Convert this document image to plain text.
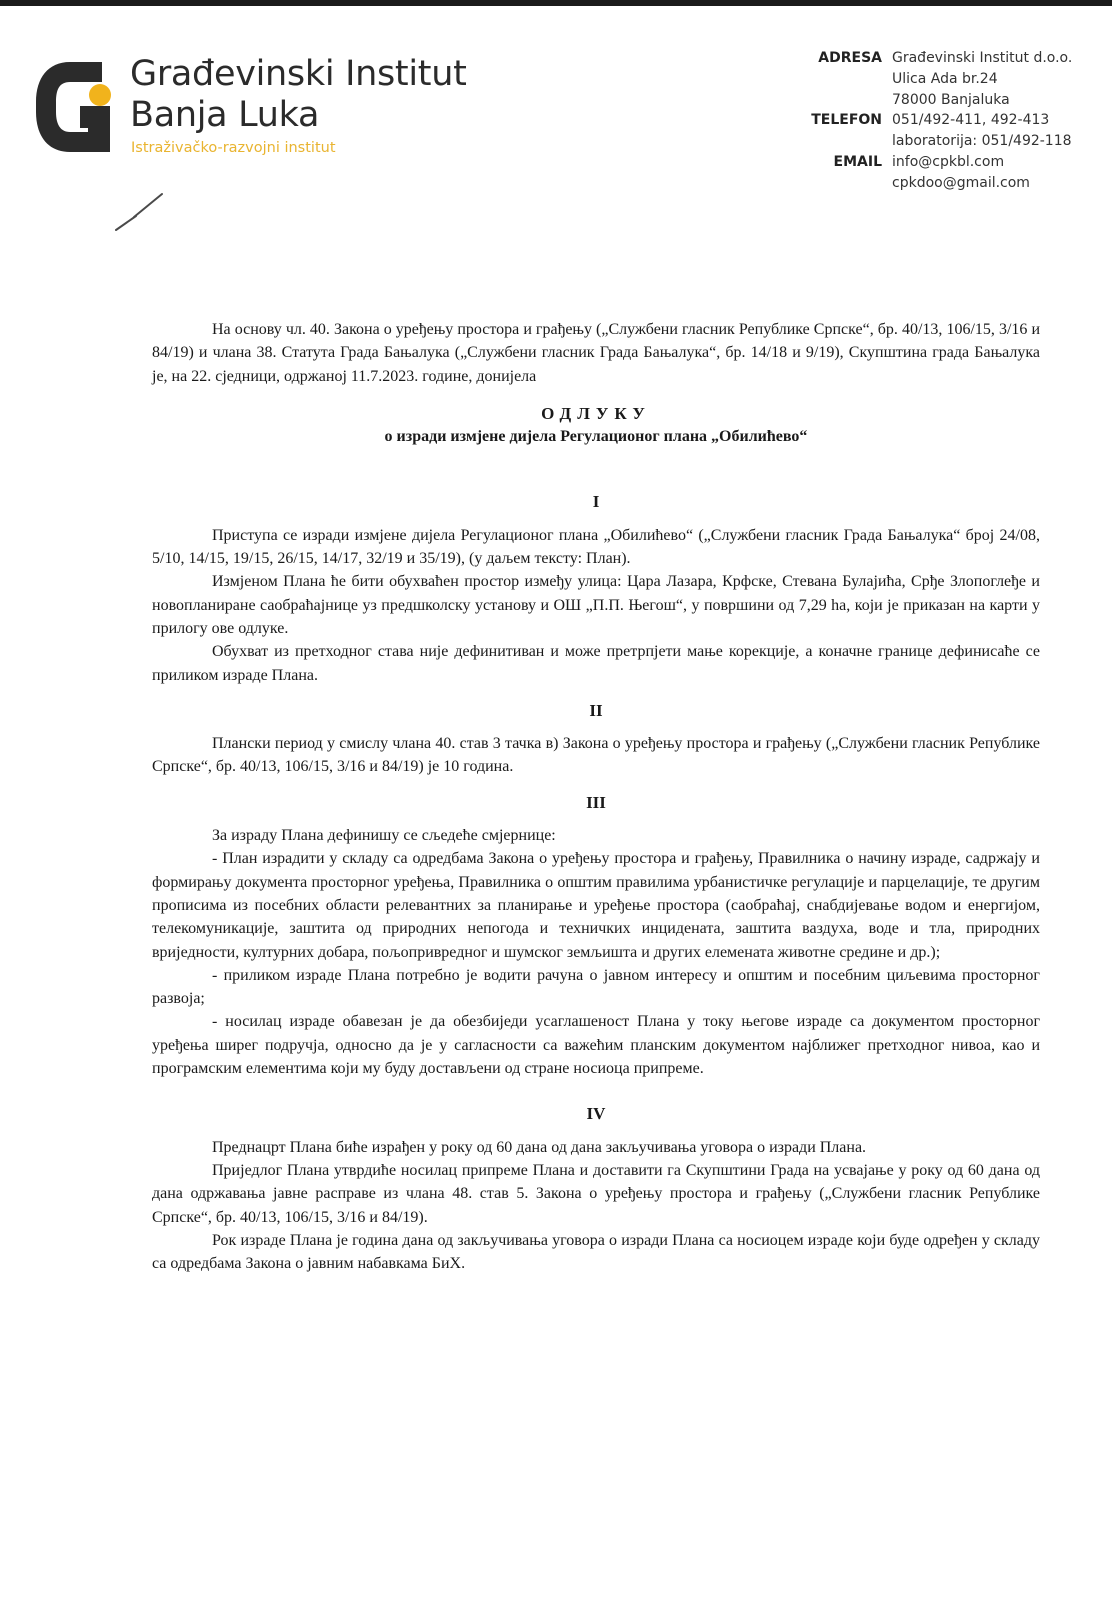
Građevinski Institut
Banja Luka
Istraživačko-razvojni institut
ADRESA Građevinski Institut d.o.o.
Ulica Ada br.24
78000 Banjaluka
TELEFON 051/492-411, 492-413
laboratorija: 051/492-118
EMAIL info@cpkbl.com
cpkdoo@gmail.com

На основу чл. 40. Закона о уређењу простора и грађењу („Службени гласник Републике Српске“, бр. 40/13, 106/15, 3/16 и 84/19) и члана 38. Статута Града Бањалука („Службени гласник Града Бањалука“, бр. 14/18 и 9/19), Скупштина града Бањалука је, на 22. сједници, одржаној 11.7.2023. године, донијела

ОДЛУКУ
о изради измјене дијела Регулационог плана „Обилићево“
I

Приступа се изради измјене дијела Регулационог плана „Обилићево“ („Службени гласник Града Бањалука“ број 24/08, 5/10, 14/15, 19/15, 26/15, 14/17, 32/19 и 35/19), (у даљем тексту: План).

Измјеном Плана ће бити обухваћен простор између улица: Цара Лазара, Крфске, Стевана Булајића, Срђе Злопоглеђе и новопланиране саобраћајнице уз предшколску установу и ОШ „П.П. Његош“, у површини од 7,29 hа, који је приказан на карти у прилогу ове одлуке.

Обухват из претходног става није дефинитиван и може претрпјети мање корекције, а коначне границе дефинисаће се приликом израде Плана.

II

Плански период у смислу члана 40. став 3 тачка в) Закона о уређењу простора и грађењу („Службени гласник Републике Српске“, бр. 40/13, 106/15, 3/16 и 84/19) је 10 година.

III

За израду Плана дефинишу се сљедеће смјернице:

- План израдити у складу са одредбама Закона о уређењу простора и грађењу, Правилника о начину израде, садржају и формирању документа просторног уређења, Правилника о општим правилима урбанистичке регулације и парцелације, те другим прописима из посебних области релевантних за планирање и уређење простора (саобраћај, снабдијевање водом и енергијом, телекомуникације, заштита од природних непогода и техничких инцидената, заштита ваздуха, воде и тла, природних вриједности, културних добара, пољопривредног и шумског земљишта и других елемената животне средине и др.);

- приликом израде Плана потребно је водити рачуна о јавном интересу и општим и посебним циљевима просторног развоја;

- носилац израде обавезан је да обезбиједи усаглашеност Плана у току његове израде са документом просторног уређења ширег подручја, односно да је у сагласности са важећим планским документом најближег претходног нивоа, као и програмским елементима који му буду достављени од стране носиоца припреме.

IV

Преднацрт Плана биће израђен у року од 60 дана од дана закључивања уговора о изради Плана.

Приједлог Плана утврдиће носилац припреме Плана и доставити га Скупштини Града на усвајање у року од 60 дана од дана одржавања јавне расправе из члана 48. став 5. Закона о уређењу простора и грађењу („Службени гласник Републике Српске“, бр. 40/13, 106/15, 3/16 и 84/19).

Рок израде Плана је година дана од закључивања уговора о изради Плана са носиоцем израде који буде одређен у складу са одредбама Закона о јавним набавкама БиХ.
